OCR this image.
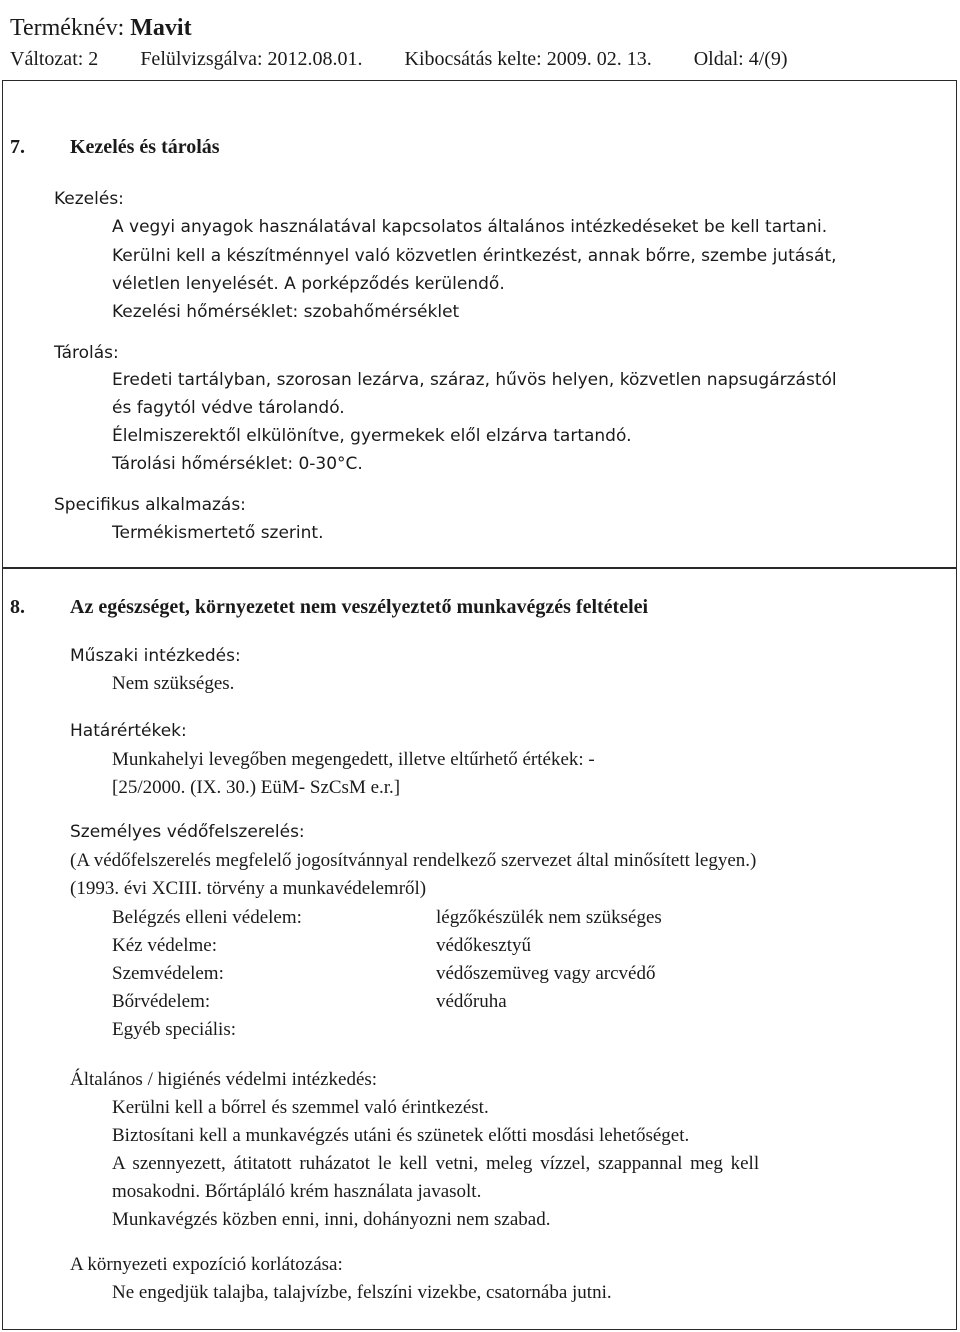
Terméknév: Mavit
Változat: 2 Felülvizsgálva: 2012.08.01. Kibocsátás kelte: 2009. 02. 13. Oldal: 4/(9)
7. Kezelés és tárolás
Kezelés:
A vegyi anyagok használatával kapcsolatos általános intézkedéseket be kell tartani.
Kerülni kell a készítménnyel való közvetlen érintkezést, annak bőrre, szembe jutását,
véletlen lenyelését. A porképződés kerülendő.
Kezelési hőmérséklet: szobahőmérséklet
Tárolás:
Eredeti tartályban, szorosan lezárva, száraz, hűvös helyen, közvetlen napsugárzástól
és fagytól védve tárolandó.
Élelmiszerektől elkülönítve, gyermekek elől elzárva tartandó.
Tárolási hőmérséklet: 0-30°C.
Specifikus alkalmazás:
Termékismertető szerint.
8. Az egészséget, környezetet nem veszélyeztető munkavégzés feltételei
Műszaki intézkedés:
Nem szükséges.
Határértékek:
Munkahelyi levegőben megengedett, illetve eltűrhető értékek: -
[25/2000. (IX. 30.) EüM- SzCsM e.r.]
Személyes védőfelszerelés:
(A védőfelszerelés megfelelő jogosítvánnyal rendelkező szervezet által minősített legyen.)
(1993. évi XCIII. törvény a munkavédelemről)
Belégzés elleni védelem:	légzőkészülék nem szükséges
Kéz védelme:	védőkesztyű
Szemvédelem:	védőszemüveg vagy arcvédő
Bőrvédelem:	védőruha
Egyéb speciális:
Általános / higiénés védelmi intézkedés:
Kerülni kell a bőrrel és szemmel való érintkezést.
Biztosítani kell a munkavégzés utáni és szünetek előtti mosdási lehetőséget.
A szennyezett, átitatott ruházatot le kell vetni, meleg vízzel, szappannal meg kell
mosakodni. Bőrtápláló krém használata javasolt.
Munkavégzés közben enni, inni, dohányozni nem szabad.
A környezeti expozíció korlátozása:
Ne engedjük talajba, talajvízbe, felszíni vizekbe, csatornába jutni.
